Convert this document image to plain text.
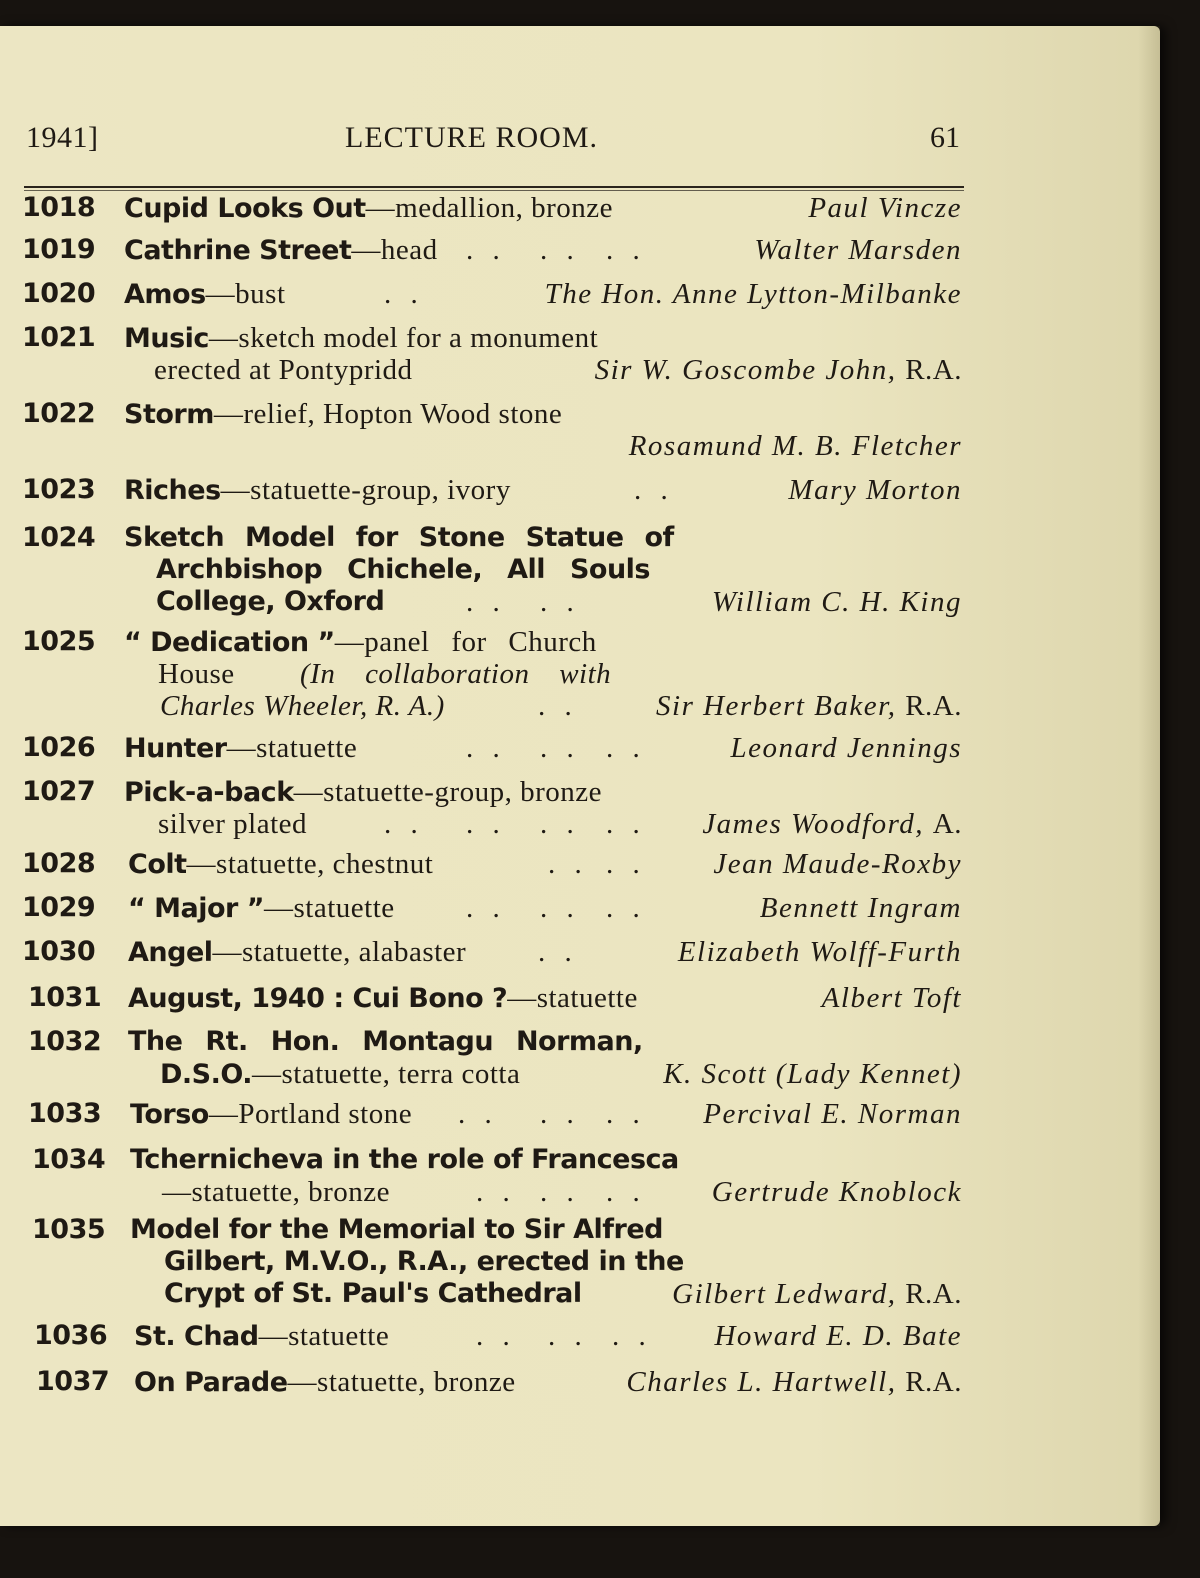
1941]	LECTURE ROOM.	61
1018 Cupid Looks Out—medallion, bronze	Paul Vincze
1019 Cathrine Street—head . . . . . .	Walter Marsden
1020 Amos—bust	. .	The Hon. Anne Lytton-Milbanke
1021 Music—sketch model for a monument
erected at Pontypridd	Sir W. Goscombe John, R.A.
1022 Storm—relief, Hopton Wood stone
Rosamund M. B. Fletcher
1023 Riches—statuette-group, ivory	. .	Mary Morton
1024 Sketch Model for Stone Statue of
Archbishop Chichele, All Souls
College, Oxford	. . . .	William C. H. King
1025 “ Dedication ”—panel for Church
House (In collaboration with
Charles Wheeler, R. A.)	. .	Sir Herbert Baker, R.A.
1026 Hunter—statuette	. . . . . .	Leonard Jennings
1027 Pick-a-back—statuette-group, bronze
silver plated	. . . . . . . . James Woodford, A.
1028 Colt—statuette, chestnut	. . . . Jean Maude-Roxby
1029 “ Major ”—statuette . . . . . .	Bennett Ingram
1030 Angel—statuette, alabaster . .	Elizabeth Wolff-Furth
1031 August, 1940 : Cui Bono ?—statuette	Albert Toft
1032 The Rt. Hon. Montagu Norman,
D.S.O.—statuette, terra cotta	K. Scott (Lady Kennet)
1033 Torso—Portland stone . . . . . . Percival E. Norman
1034 Tchernicheva in the role of Francesca
—statuette, bronze	. . . . . . Gertrude Knoblock
1035 Model for the Memorial to Sir Alfred
Gilbert, M.V.O., R.A., erected in the
Crypt of St. Paul's Cathedral	Gilbert Ledward, R.A.
1036 St. Chad—statuette	. . . . . . Howard E. D. Bate
1037 On Parade—statuette, bronze	Charles L. Hartwell, R.A.
